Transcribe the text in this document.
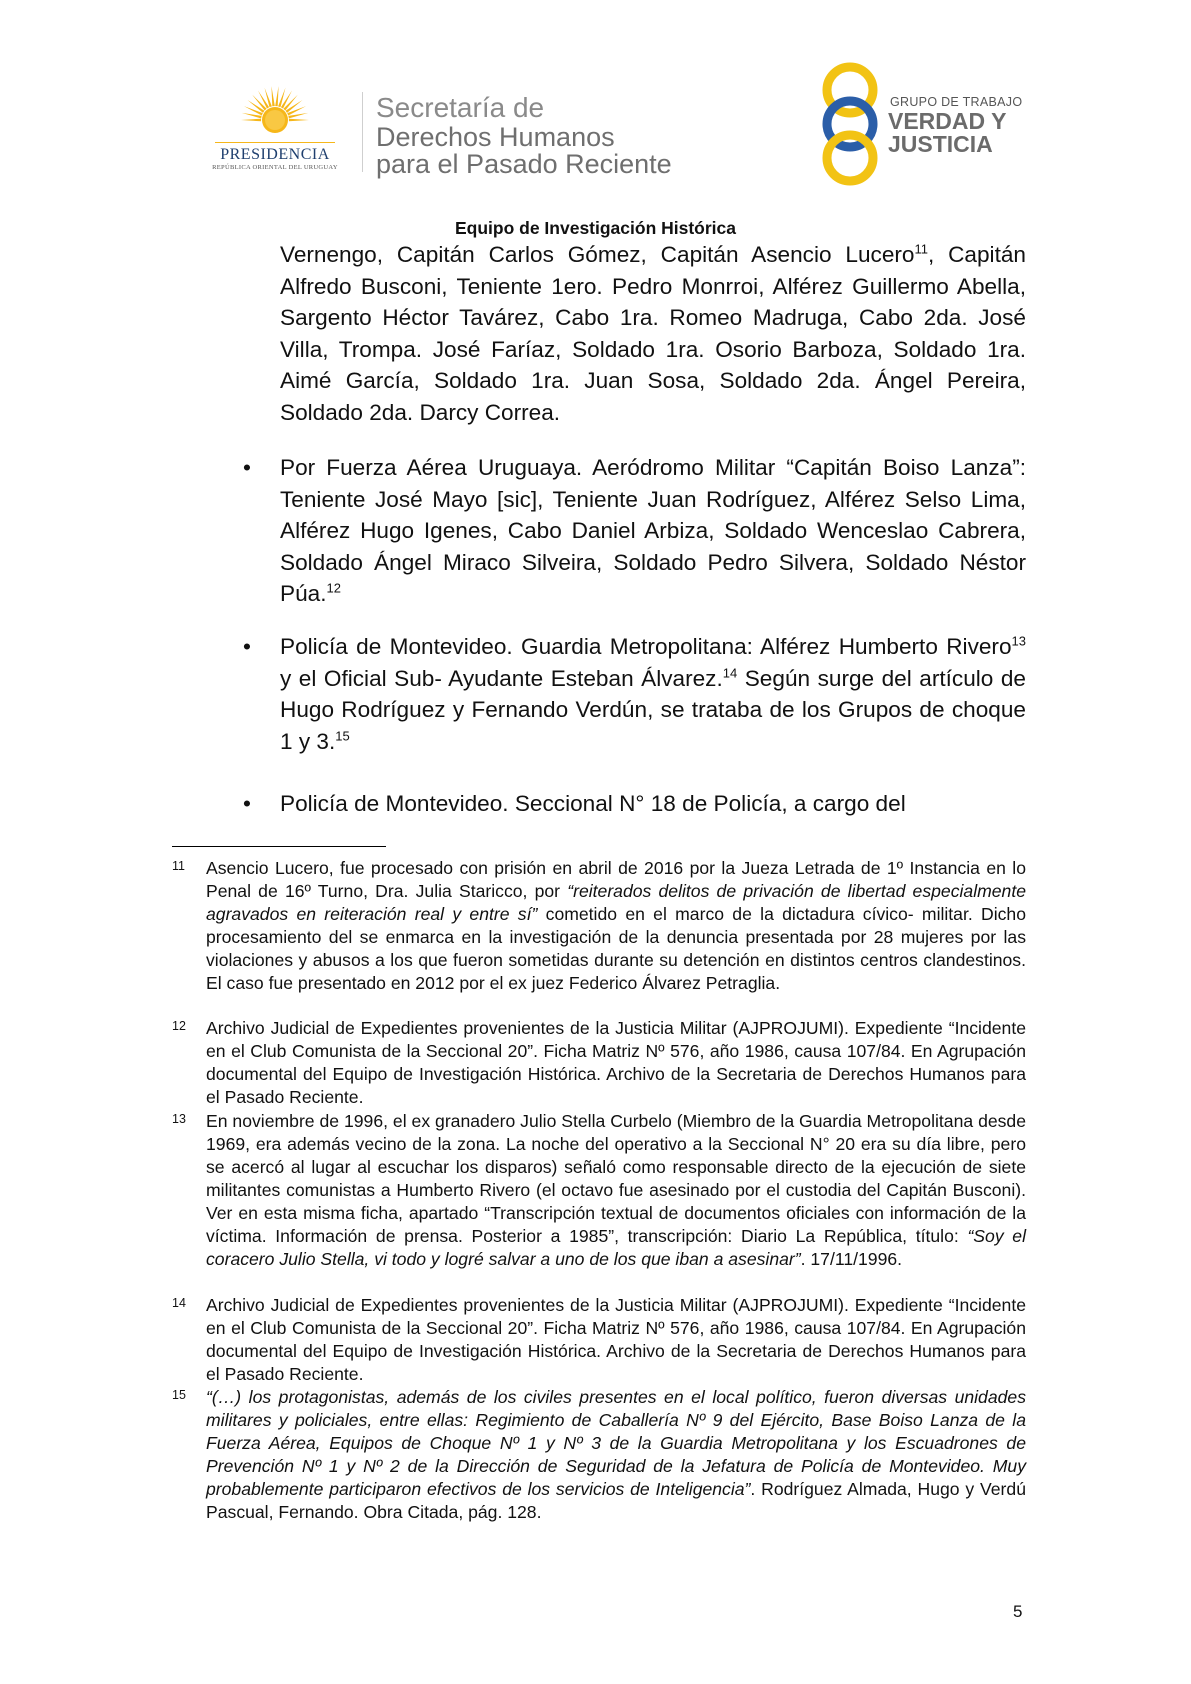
PRESIDENCIA
REPÚBLICA ORIENTAL DEL URUGUAY
Secretaría de
Derechos Humanos
para el Pasado Reciente
GRUPO DE TRABAJO
VERDAD Y
JUSTICIA
Equipo de Investigación Histórica
Vernengo, Capitán Carlos Gómez, Capitán Asencio Lucero$^{11}$, Capitán Alfredo Busconi, Teniente 1ero. Pedro Monrroi, Alférez Guillermo Abella, Sargento Héctor Tavárez, Cabo 1ra. Romeo Madruga, Cabo 2da. José Villa, Trompa. José Faríaz, Soldado 1ra. Osorio Barboza, Soldado 1ra. Aimé García, Soldado 1ra. Juan Sosa, Soldado 2da. Ángel Pereira, Soldado 2da. Darcy Correa.
• Por Fuerza Aérea Uruguaya. Aeródromo Militar “Capitán Boiso Lanza”: Teniente José Mayo [sic], Teniente Juan Rodríguez, Alférez Selso Lima, Alférez Hugo Igenes, Cabo Daniel Arbiza, Soldado Wenceslao Cabrera, Soldado Ángel Miraco Silveira, Soldado Pedro Silvera, Soldado Néstor Púa.$^{12}$
• Policía de Montevideo. Guardia Metropolitana: Alférez Humberto Rivero$^{13}$ y el Oficial Sub- Ayudante Esteban Álvarez.$^{14}$ Según surge del artículo de Hugo Rodríguez y Fernando Verdún, se trataba de los Grupos de choque 1 y 3.15
• Policía de Montevideo. Seccional N° 18 de Policía, a cargo del
11 Asencio Lucero, fue procesado con prisión en abril de 2016 por la Jueza Letrada de 1º Instancia en lo Penal de 16º Turno, Dra. Julia Staricco, por “reiterados delitos de privación de libertad especialmente agravados en reiteración real y entre sí” cometido en el marco de la dictadura cívico- militar. Dicho procesamiento del se enmarca en la investigación de la denuncia presentada por 28 mujeres por las violaciones y abusos a los que fueron sometidas durante su detención en distintos centros clandestinos. El caso fue presentado en 2012 por el ex juez Federico Álvarez Petraglia.
12 Archivo Judicial de Expedientes provenientes de la Justicia Militar (AJPROJUMI). Expediente “Incidente en el Club Comunista de la Seccional 20”. Ficha Matriz Nº 576, año 1986, causa 107/84. En Agrupación documental del Equipo de Investigación Histórica. Archivo de la Secretaria de Derechos Humanos para el Pasado Reciente.
13 En noviembre de 1996, el ex granadero Julio Stella Curbelo (Miembro de la Guardia Metropolitana desde 1969, era además vecino de la zona. La noche del operativo a la Seccional N° 20 era su día libre, pero se acercó al lugar al escuchar los disparos) señaló como responsable directo de la ejecución de siete militantes comunistas a Humberto Rivero (el octavo fue asesinado por el custodia del Capitán Busconi). Ver en esta misma ficha, apartado “Transcripción textual de documentos oficiales con información de la víctima. Información de prensa. Posterior a 1985”, transcripción: Diario La República, título: “Soy el coracero Julio Stella, vi todo y logré salvar a uno de los que iban a asesinar”. 17/11/1996.
14 Archivo Judicial de Expedientes provenientes de la Justicia Militar (AJPROJUMI). Expediente “Incidente en el Club Comunista de la Seccional 20”. Ficha Matriz Nº 576, año 1986, causa 107/84. En Agrupación documental del Equipo de Investigación Histórica. Archivo de la Secretaria de Derechos Humanos para el Pasado Reciente.
15 “(…) los protagonistas, además de los civiles presentes en el local político, fueron diversas unidades militares y policiales, entre ellas: Regimiento de Caballería Nº 9 del Ejército, Base Boiso Lanza de la Fuerza Aérea, Equipos de Choque Nº 1 y Nº 3 de la Guardia Metropolitana y los Escuadrones de Prevención Nº 1 y Nº 2 de la Dirección de Seguridad de la Jefatura de Policía de Montevideo. Muy probablemente participaron efectivos de los servicios de Inteligencia”. Rodríguez Almada, Hugo y Verdú Pascual, Fernando. Obra Citada, pág. 128.
5
